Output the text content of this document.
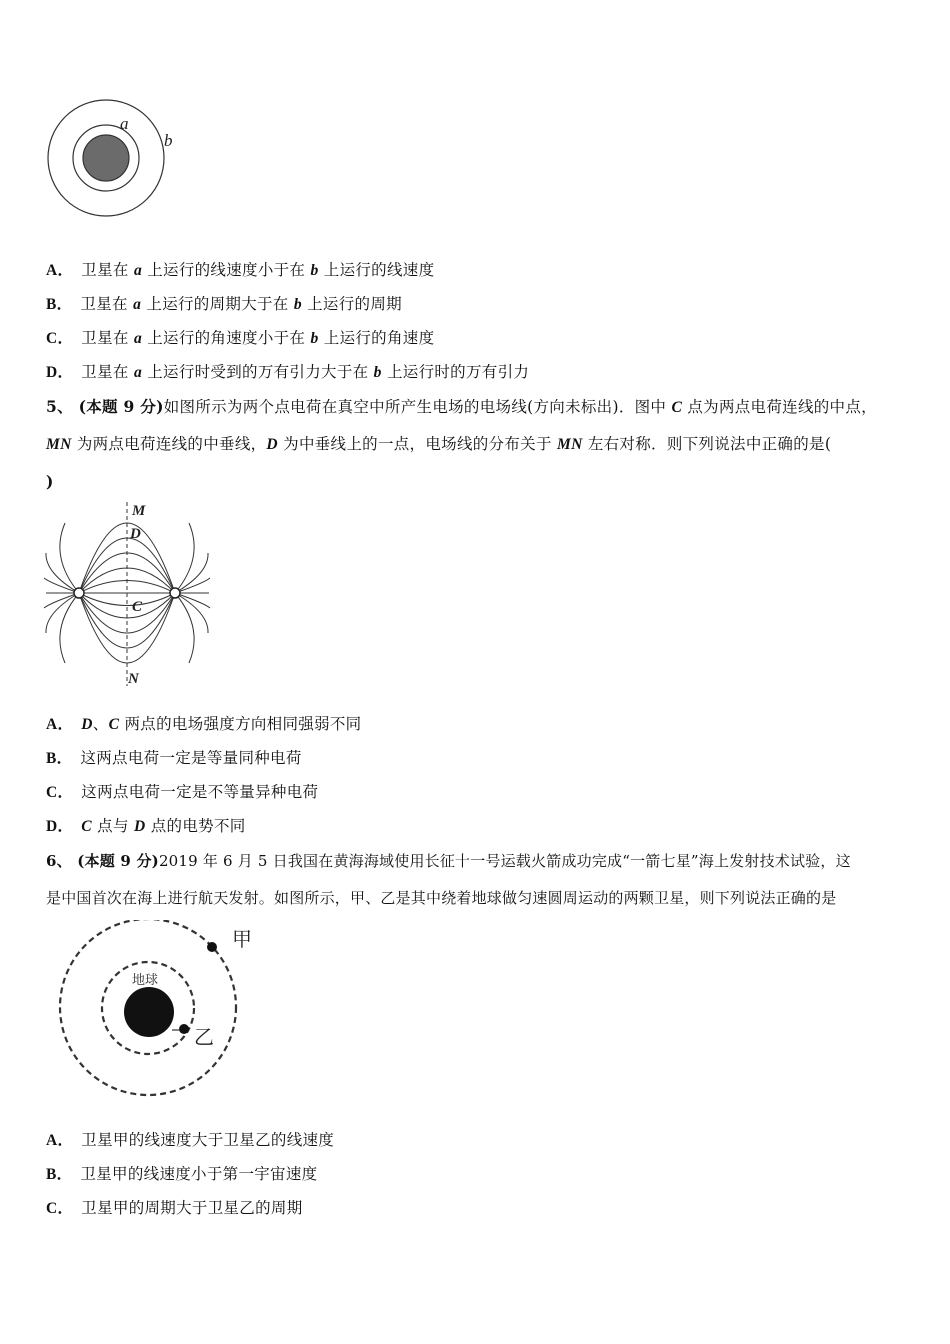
a
b
A． 卫星在 a 上运行的线速度小于在 b 上运行的线速度
B． 卫星在 a 上运行的周期大于在 b 上运行的周期
C． 卫星在 a 上运行的角速度小于在 b 上运行的角速度
D． 卫星在 a 上运行时受到的万有引力大于在 b 上运行时的万有引力
5、 (本题 9 分)如图所示为两个点电荷在真空中所产生电场的电场线(方向未标出)．图中 C 点为两点电荷连线的中点，
MN 为两点电荷连线的中垂线，D 为中垂线上的一点，电场线的分布关于 MN 左右对称．则下列说法中正确的是(
)
M
D
C
N
A． D、C 两点的电场强度方向相同强弱不同
B． 这两点电荷一定是等量同种电荷
C． 这两点电荷一定是不等量异种电荷
D． C 点与 D 点的电势不同
6、 (本题 9 分)2019 年 6 月 5 日我国在黄海海域使用长征十一号运载火箭成功完成“一箭七星”海上发射技术试验，这
是中国首次在海上进行航天发射。如图所示，甲、乙是其中绕着地球做匀速圆周运动的两颗卫星，则下列说法正确的是
甲
地球
乙
A． 卫星甲的线速度大于卫星乙的线速度
B． 卫星甲的线速度小于第一宇宙速度
C． 卫星甲的周期大于卫星乙的周期
